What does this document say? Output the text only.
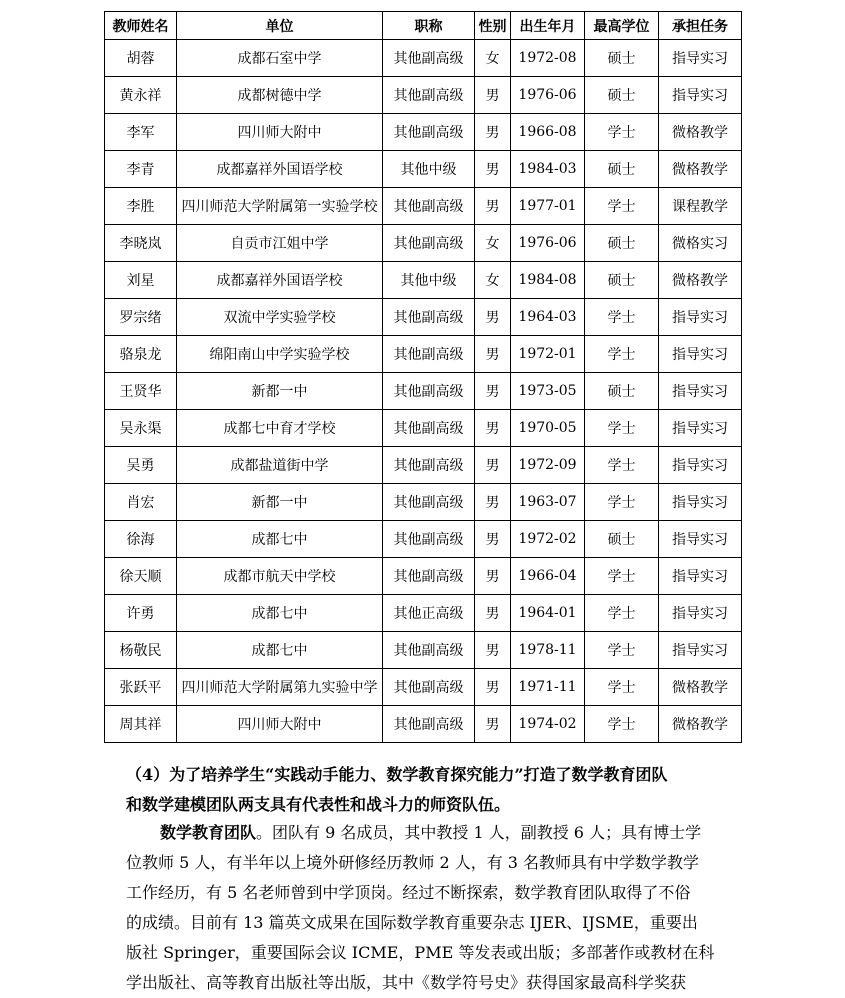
教师姓名	单位	职称	性别	出生年月	最高学位	承担任务
胡蓉	成都石室中学	其他副高级	女	1972-08	硕士	指导实习
黄永祥	成都树德中学	其他副高级	男	1976-06	硕士	指导实习
李军	四川师大附中	其他副高级	男	1966-08	学士	微格教学
李青	成都嘉祥外国语学校	其他中级	男	1984-03	硕士	微格教学
李胜	四川师范大学附属第一实验学校	其他副高级	男	1977-01	学士	课程教学
李晓岚	自贡市江姐中学	其他副高级	女	1976-06	硕士	微格实习
刘星	成都嘉祥外国语学校	其他中级	女	1984-08	硕士	微格教学
罗宗绪	双流中学实验学校	其他副高级	男	1964-03	学士	指导实习
骆泉龙	绵阳南山中学实验学校	其他副高级	男	1972-01	学士	指导实习
王贤华	新都一中	其他副高级	男	1973-05	硕士	指导实习
吴永渠	成都七中育才学校	其他副高级	男	1970-05	学士	指导实习
吴勇	成都盐道街中学	其他副高级	男	1972-09	学士	指导实习
肖宏	新都一中	其他副高级	男	1963-07	学士	指导实习
徐海	成都七中	其他副高级	男	1972-02	硕士	指导实习
徐天顺	成都市航天中学校	其他副高级	男	1966-04	学士	指导实习
许勇	成都七中	其他正高级	男	1964-01	学士	指导实习
杨敬民	成都七中	其他副高级	男	1978-11	学士	指导实习
张跃平	四川师范大学附属第九实验中学	其他副高级	男	1971-11	学士	微格教学
周其祥	四川师大附中	其他副高级	男	1974-02	学士	微格教学
（4）为了培养学生“实践动手能力、数学教育探究能力”打造了数学教育团队
和数学建模团队两支具有代表性和战斗力的师资队伍。
数学教育团队。团队有 9 名成员，其中教授 1 人，副教授 6 人；具有博士学
位教师 5 人，有半年以上境外研修经历教师 2 人，有 3 名教师具有中学数学教学
工作经历，有 5 名老师曾到中学顶岗。经过不断探索，数学教育团队取得了不俗
的成绩。目前有 13 篇英文成果在国际数学教育重要杂志 IJER、IJSME，重要出
版社 Springer，重要国际会议 ICME，PME 等发表或出版；多部著作或教材在科
学出版社、高等教育出版社等出版，其中《数学符号史》获得国家最高科学奖获
